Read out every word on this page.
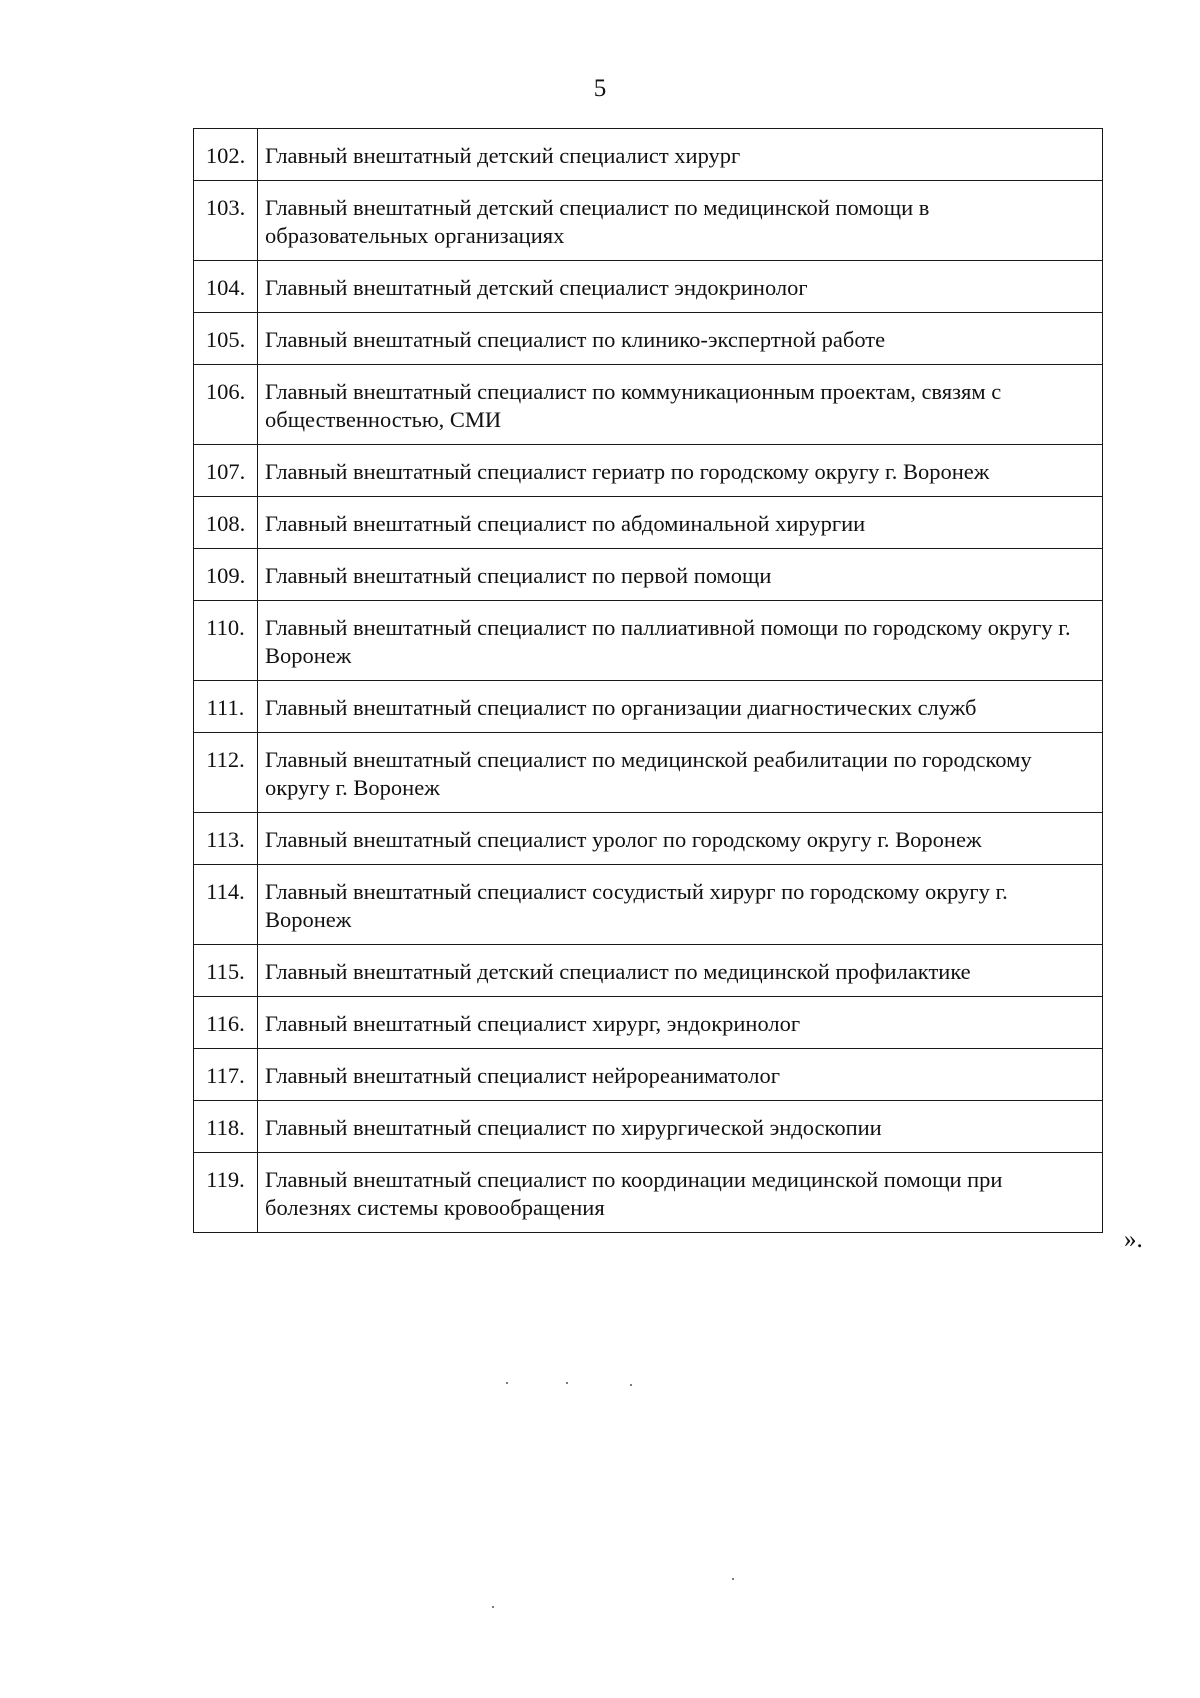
5
102.	Главный внештатный детский специалист хирург
103.	Главный внештатный детский специалист по медицинской помощи в образовательных организациях
104.	Главный внештатный детский специалист эндокринолог
105.	Главный внештатный специалист по клинико-экспертной работе
106.	Главный внештатный специалист по коммуникационным проектам, связям с общественностью, СМИ
107.	Главный внештатный специалист гериатр по городскому округу г. Воронеж
108.	Главный внештатный специалист по абдоминальной хирургии
109.	Главный внештатный специалист по первой помощи
110.	Главный внештатный специалист по паллиативной помощи по городскому округу г. Воронеж
111.	Главный внештатный специалист по организации диагностических служб
112.	Главный внештатный специалист по медицинской реабилитации по городскому округу г. Воронеж
113.	Главный внештатный специалист уролог по городскому округу г. Воронеж
114.	Главный внештатный специалист сосудистый хирург по городскому округу г. Воронеж
115.	Главный внештатный детский специалист по медицинской профилактике
116.	Главный внештатный специалист хирург, эндокринолог
117.	Главный внештатный специалист нейрореаниматолог
118.	Главный внештатный специалист по хирургической эндоскопии
119.	Главный внештатный специалист по координации медицинской помощи при болезнях системы кровообращения
».
